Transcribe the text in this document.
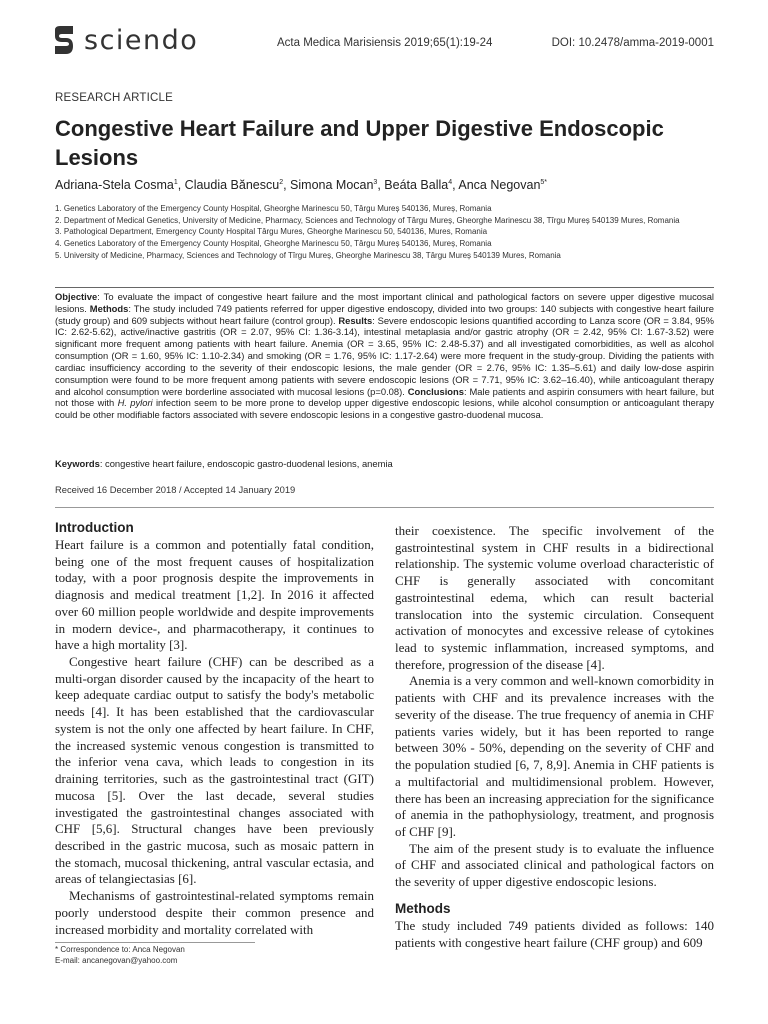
sciendo	Acta Medica Marisiensis 2019;65(1):19-24	DOI: 10.2478/amma-2019-0001
RESEARCH ARTICLE
Congestive Heart Failure and Upper Digestive Endoscopic Lesions
Adriana-Stela Cosma$^1$, Claudia Bănescu$^2$, Simona Mocan$^3$, Beáta Balla$^4$, Anca Negovan$^{5*}$

1. Genetics Laboratory of the Emergency County Hospital, Gheorghe Marinescu 50, Târgu Mureș 540136, Mureș, Romania

2. Department of Medical Genetics, University of Medicine, Pharmacy, Sciences and Technology of Târgu Mureș, Gheorghe Marinescu 38, Tîrgu Mureș 540139 Mures, Romania

3. Pathological Department, Emergency County Hospital Târgu Mures, Gheorghe Marinescu 50, 540136, Mures, Romania

4. Genetics Laboratory of the Emergency County Hospital, Gheorghe Marinescu 50, Târgu Mureș 540136, Mureș, Romania

5. University of Medicine, Pharmacy, Sciences and Technology of Tîrgu Mureș, Gheorghe Marinescu 38, Târgu Mureș 540139 Mures, Romania

Objective: To evaluate the impact of congestive heart failure and the most important clinical and pathological factors on severe upper digestive mucosal lesions. Methods: The study included 749 patients referred for upper digestive endoscopy, divided into two groups: 140 subjects with congestive heart failure (study group) and 609 subjects without heart failure (control group). Results: Severe endoscopic lesions quantified according to Lanza score (OR = 3.84, 95% IC: 2.62-5.62), active/inactive gastritis (OR = 2.07, 95% CI: 1.36-3.14), intestinal metaplasia and/or gastric atrophy (OR = 2.42, 95% CI: 1.67-3.52) were significant more frequent among patients with heart failure. Anemia (OR = 3.65, 95% IC: 2.48-5.37) and all investigated comorbidities, as well as alcohol consumption (OR = 1.60, 95% IC: 1.10-2.34) and smoking (OR = 1.76, 95% IC: 1.17-2.64) were more frequent in the study-group. Dividing the patients with cardiac insufficiency according to the severity of their endoscopic lesions, the male gender (OR = 2.76, 95% IC: 1.35–5.61) and daily low-dose aspirin consumption were found to be more frequent among patients with severe endoscopic lesions (OR = 7.71, 95% IC: 3.62–16.40), while anticoagulant therapy and alcohol consumption were borderline associated with mucosal lesions (p=0.08). Conclusions: Male patients and aspirin consumers with heart failure, but not those with H. pylori infection seem to be more prone to develop upper digestive endoscopic lesions, while alcohol consumption or anticoagulant therapy could be other modifiable factors associated with severe endoscopic lesions in a congestive gastro-duodenal mucosa.

Keywords: congestive heart failure, endoscopic gastro-duodenal lesions, anemia
Received 16 December 2018 / Accepted 14 January 2019
Introduction

Heart failure is a common and potentially fatal condition, being one of the most frequent causes of hospitalization today, with a poor prognosis despite the improvements in diagnosis and medical treatment [1,2]. In 2016 it affected over 60 million people worldwide and despite improvements in modern device-, and pharmacotherapy, it continues to have a high mortality [3].

Congestive heart failure (CHF) can be described as a multi-organ disorder caused by the incapacity of the heart to keep adequate cardiac output to satisfy the body's metabolic needs [4]. It has been established that the cardiovascular system is not the only one affected by heart failure. In CHF, the increased systemic venous congestion is transmitted to the inferior vena cava, which leads to congestion in its draining territories, such as the gastrointestinal tract (GIT) mucosa [5]. Over the last decade, several studies investigated the gastrointestinal changes associated with CHF [5,6]. Structural changes have been previously described in the gastric mucosa, such as mosaic pattern in the stomach, mucosal thickening, antral vascular ectasia, and areas of telangiectasias [6].

Mechanisms of gastrointestinal-related symptoms remain poorly understood despite their common presence and increased morbidity and mortality correlated with

their coexistence. The specific involvement of the gastrointestinal system in CHF results in a bidirectional relationship. The systemic volume overload characteristic of CHF is generally associated with concomitant gastrointestinal edema, which can result bacterial translocation into the systemic circulation. Consequent activation of monocytes and excessive release of cytokines lead to systemic inflammation, increased symptoms, and therefore, progression of the disease [4].

Anemia is a very common and well-known comorbidity in patients with CHF and its prevalence increases with the severity of the disease. The true frequency of anemia in CHF patients varies widely, but it has been reported to range between 30% - 50%, depending on the severity of CHF and the population studied [6, 7, 8,9]. Anemia in CHF patients is a multifactorial and multidimensional problem. However, there has been an increasing appreciation for the significance of anemia in the pathophysiology, treatment, and prognosis of CHF [9].

The aim of the present study is to evaluate the influence of CHF and associated clinical and pathological factors on the severity of upper digestive endoscopic lesions.

Methods

The study included 749 patients divided as follows: 140 patients with congestive heart failure (CHF group) and 609

* Correspondence to: Anca Negovan
E-mail: ancanegovan@yahoo.com
